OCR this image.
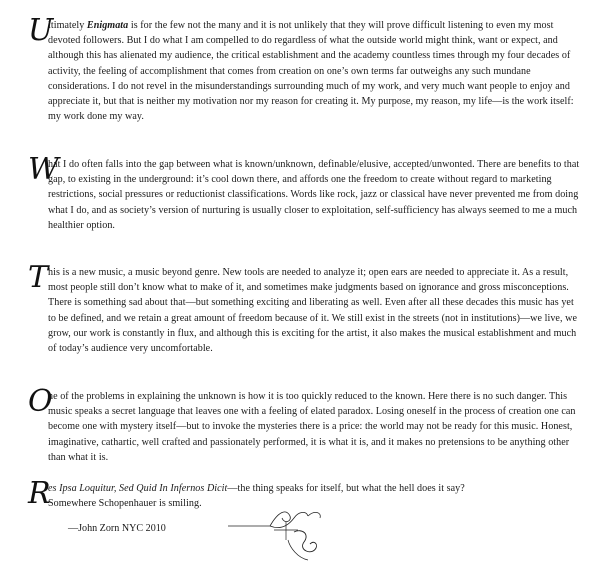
U

ltimately Enigmata is for the few not the many and it is not unlikely that they will prove difficult listening to even my most devoted followers. But I do what I am compelled to do regardless of what the outside world might think, want or expect, and although this has alienated my audience, the critical establishment and the academy countless times through my four decades of activity, the feeling of accomplishment that comes from creation on one’s own terms far outweighs any such mundane considerations. I do not revel in the misunderstandings surrounding much of my work, and very much want people to enjoy and appreciate it, but that is neither my motivation nor my reason for creating it. My purpose, my reason, my life—is the work itself: my work done my way.

W

hat I do often falls into the gap between what is known/unknown, definable/elusive, accepted/unwonted. There are benefits to that gap, to existing in the underground: it’s cool down there, and affords one the freedom to create without regard to marketing restrictions, social pressures or reductionist classifications. Words like rock, jazz or classical have never prevented me from doing what I do, and as society’s version of nurturing is usually closer to exploitation, self-sufficiency has always seemed to me a much healthier option.

T his is a new music, a music beyond genre. New tools are needed to analyze it; open ears are needed to appreciate it. As a result, most people still don’t know what to make of it, and sometimes make judgments based on ignorance and gross misconceptions. There is something sad about that—but something exciting and liberating as well. Even after all these decades this music has yet to be defined, and we retain a great amount of freedom because of it. We still exist in the streets (not in institutions)—we live, we grow, our work is constantly in flux, and although this is exciting for the artist, it also makes the musical establishment and much of today’s audience very uncomfortable.

O

ne of the problems in explaining the unknown is how it is too quickly reduced to the known. Here there is no such danger. This music speaks a secret language that leaves one with a feeling of elated paradox. Losing oneself in the process of creation one can become one with mystery itself—but to invoke the mysteries there is a price: the world may not be ready for this music. Honest, imaginative, cathartic, well crafted and passionately performed, it is what it is, and it makes no pretensions to be anything other than what it is.

R

es Ipsa Loquitur, Sed Quid In Infernos Dicit—the thing speaks for itself, but what the hell does it say?

Somewhere Schopenhauer is smiling.

—John Zorn NYC 2010
